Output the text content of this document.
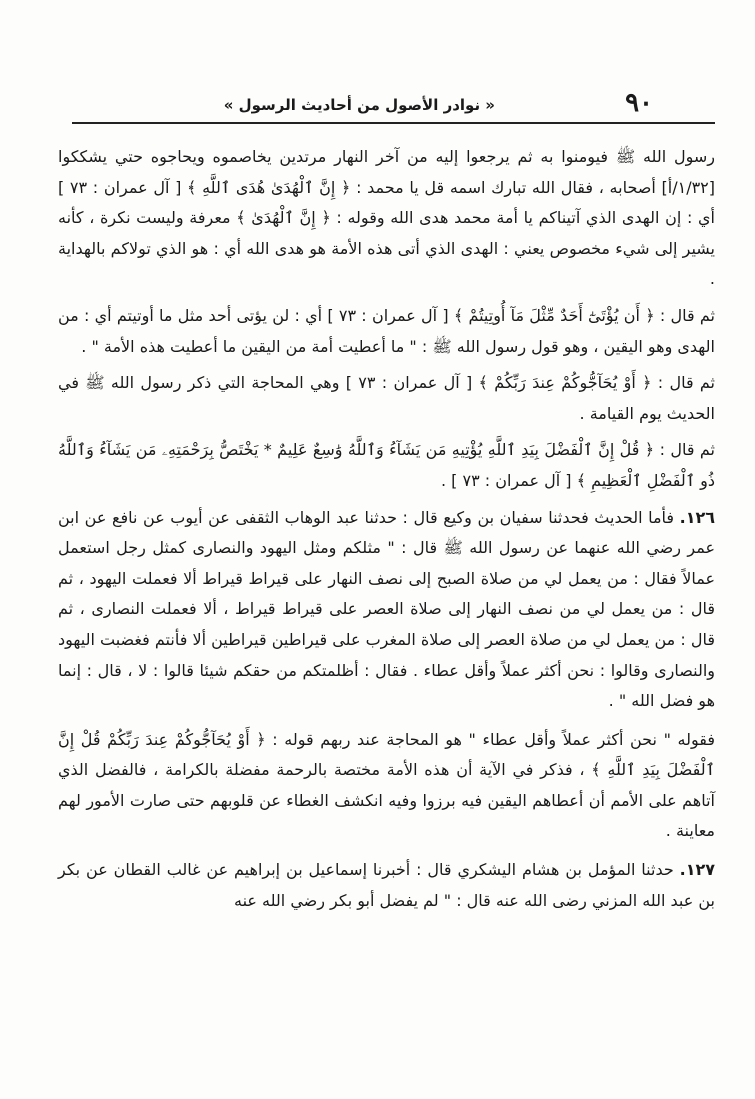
٩٠
« نوادر الأصول من أحاديث الرسول »

رسول الله ﷺ فيومنوا به ثم يرجعوا إليه من آخر النهار مرتدين يخاصموه ويحاجوه حتي يشككوا [١/٣٢/أ] أصحابه ، فقال الله تبارك اسمه قل يا محمد : ﴿ إِنَّ ٱلْهُدَىٰ هُدَى ٱللَّهِ ﴾ [ آل عمران : ٧٣ ] أي : إن الهدى الذي آتيناكم يا أمة محمد هدى الله وقوله : ﴿ إِنَّ ٱلْهُدَىٰ ﴾ معرفة وليست نكرة ، كأنه يشير إلى شيء مخصوص يعني : الهدى الذي أتى هذه الأمة هو هدى الله أي : هو الذي تولاكم بالهداية .

ثم قال : ﴿ أَن يُؤْتَىٰٓ أَحَدٌ مِّثْلَ مَآ أُوتِيتُمْ ﴾ [ آل عمران : ٧٣ ] أي : لن يؤتى أحد مثل ما أوتيتم أي : من الهدى وهو اليقين ، وهو قول رسول الله ﷺ : " ما أعطيت أمة من اليقين ما أعطيت هذه الأمة " .

ثم قال : ﴿ أَوْ يُحَآجُّوكُمْ عِندَ رَبِّكُمْ ﴾ [ آل عمران : ٧٣ ] وهي المحاجة التي ذكر رسول الله ﷺ في الحديث يوم القيامة .

ثم قال : ﴿ قُلْ إِنَّ ٱلْفَضْلَ بِيَدِ ٱللَّهِ يُؤْتِيهِ مَن يَشَآءُ وَٱللَّهُ وَٰسِعٌ عَلِيمٌ * يَخْتَصُّ بِرَحْمَتِهِۦ مَن يَشَآءُ وَٱللَّهُ ذُو ٱلْفَضْلِ ٱلْعَظِيمِ ﴾ [ آل عمران : ٧٣ ] .

١٢٦. فأما الحديث فحدثنا سفيان بن وكيع قال : حدثنا عبد الوهاب الثقفى عن أيوب عن نافع عن ابن عمر رضي الله عنهما عن رسول الله ﷺ قال : " مثلكم ومثل اليهود والنصارى كمثل رجل استعمل عمالاً فقال : من يعمل لي من صلاة الصبح إلى نصف النهار على قيراط قيراط ألا فعملت اليهود ، ثم قال : من يعمل لي من نصف النهار إلى صلاة العصر على قيراط قيراط ، ألا فعملت النصارى ، ثم قال : من يعمل لي من صلاة العصر إلى صلاة المغرب على قيراطين قيراطين ألا فأنتم فغضبت اليهود والنصارى وقالوا : نحن أكثر عملاً وأقل عطاء . فقال : أظلمتكم من حقكم شيئا قالوا : لا ، قال : إنما هو فضل الله " .

فقوله " نحن أكثر عملاً وأقل عطاء " هو المحاجة عند ربهم قوله : ﴿ أَوْ يُحَآجُّوكُمْ عِندَ رَبِّكُمْ قُلْ إِنَّ ٱلْفَضْلَ بِيَدِ ٱللَّهِ ﴾ ، فذكر في الآية أن هذه الأمة مختصة بالرحمة مفضلة بالكرامة ، فالفضل الذي آتاهم على الأمم أن أعطاهم اليقين فيه برزوا وفيه انكشف الغطاء عن قلوبهم حتى صارت الأمور لهم معاينة .

١٢٧. حدثنا المؤمل بن هشام اليشكري قال : أخبرنا إسماعيل بن إبراهيم عن غالب القطان عن بكر بن عبد الله المزني رضى الله عنه قال : " لم يفضل أبو بكر رضي الله عنه
